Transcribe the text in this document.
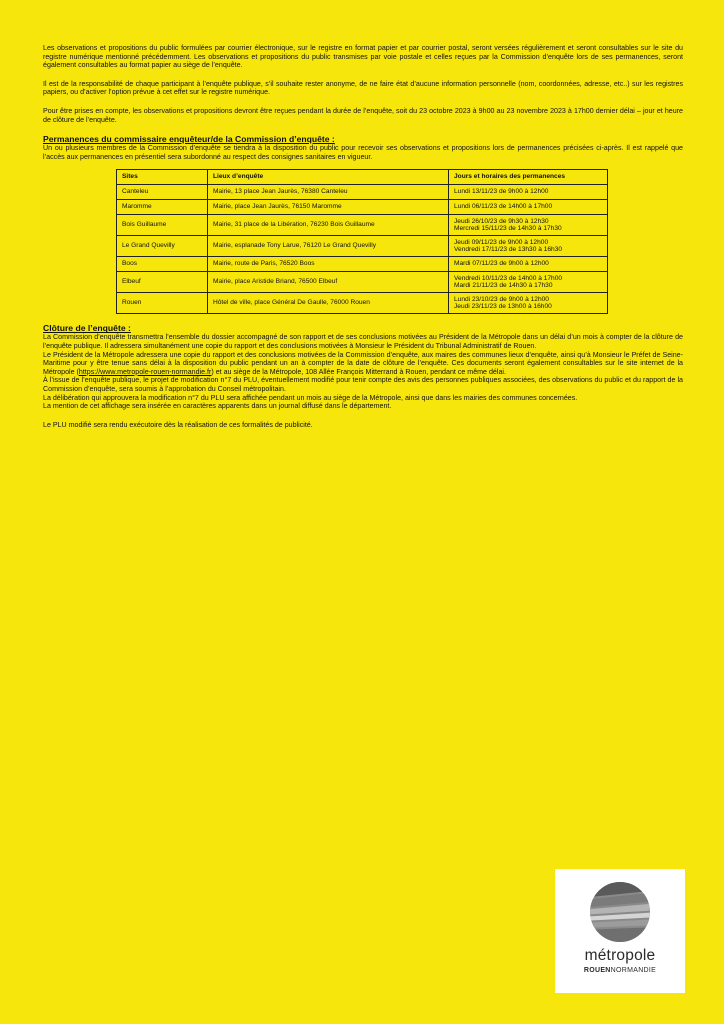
Les observations et propositions du public formulées par courrier électronique, sur le registre en format papier et par courrier postal, seront versées régulièrement et seront consultables sur le site du registre numérique mentionné précédemment. Les observations et propositions du public transmises par voie postale et celles reçues par la Commission d’enquête lors de ses permanences, seront également consultables au format papier au siège de l’enquête.

Il est de la responsabilité de chaque participant à l’enquête publique, s’il souhaite rester anonyme, de ne faire état d’aucune information personnelle (nom, coordonnées, adresse, etc..) sur les registres papiers, ou d’activer l’option prévue à cet effet sur le registre numérique.

Pour être prises en compte, les observations et propositions devront être reçues pendant la durée de l’enquête, soit du 23 octobre 2023 à 9h00 au 23 novembre 2023 à 17h00 dernier délai – jour et heure de clôture de l’enquête.

Permanences du commissaire enquêteur/de la Commission d’enquête :

Un ou plusieurs membres de la Commission d’enquête se tiendra à la disposition du public pour recevoir ses observations et propositions lors de permanences précisées ci-après. Il est rappelé que l’accès aux permanences en présentiel sera subordonné au respect des consignes sanitaires en vigueur.

Sites	Lieux d’enquête	Jours et horaires des permanences
Canteleu	Mairie, 13 place Jean Jaurès, 76380 Canteleu	Lundi 13/11/23 de 9h00 à 12h00
Maromme	Mairie, place Jean Jaurès, 76150 Maromme	Lundi 06/11/23 de 14h00 à 17h00
Bois Guillaume	Mairie, 31 place de la Libération, 76230 Bois Guillaume	Jeudi 26/10/23 de 9h30 à 12h30
Mercredi 15/11/23 de 14h30 à 17h30
Le Grand Quevilly	Mairie, esplanade Tony Larue, 76120 Le Grand Quevilly	Jeudi 09/11/23 de 9h00 à 12h00
Vendredi 17/11/23 de 13h30 à 16h30
Boos	Mairie, route de Paris, 76520 Boos	Mardi 07/11/23 de 9h00 à 12h00
Elbeuf	Mairie, place Aristide Briand, 76500 Elbeuf	Vendredi 10/11/23 de 14h00 à 17h00
Mardi 21/11/23 de 14h30 à 17h30
Rouen	Hôtel de ville, place Général De Gaulle, 76000 Rouen	Lundi 23/10/23 de 9h00 à 12h00
Jeudi 23/11/23 de 13h00 à 16h00
Clôture de l’enquête :

La Commission d’enquête transmettra l’ensemble du dossier accompagné de son rapport et de ses conclusions motivées au Président de la Métropole dans un délai d’un mois à compter de la clôture de l’enquête publique. Il adressera simultanément une copie du rapport et des conclusions motivées à Monsieur le Président du Tribunal Administratif de Rouen.

Le Président de la Métropole adressera une copie du rapport et des conclusions motivées de la Commission d’enquête, aux maires des communes lieux d’enquête, ainsi qu’à Monsieur le Préfet de Seine-Maritime pour y être tenue sans délai à la disposition du public pendant un an à compter de la date de clôture de l’enquête. Ces documents seront également consultables sur le site internet de la Métropole (https://www.metropole-rouen-normandie.fr) et au siège de la Métropole, 108 Allée François Mitterrand à Rouen, pendant ce même délai.

À l’issue de l’enquête publique, le projet de modification n°7 du PLU, éventuellement modifié pour tenir compte des avis des personnes publiques associées, des observations du public et du rapport de la Commission d’enquête, sera soumis à l’approbation du Conseil métropolitain.

La délibération qui approuvera la modification n°7 du PLU sera affichée pendant un mois au siège de la Métropole, ainsi que dans les mairies des communes concernées.

La mention de cet affichage sera insérée en caractères apparents dans un journal diffusé dans le département.

Le PLU modifié sera rendu exécutoire dès la réalisation de ces formalités de publicité.

métropole
ROUENNORMANDIE
